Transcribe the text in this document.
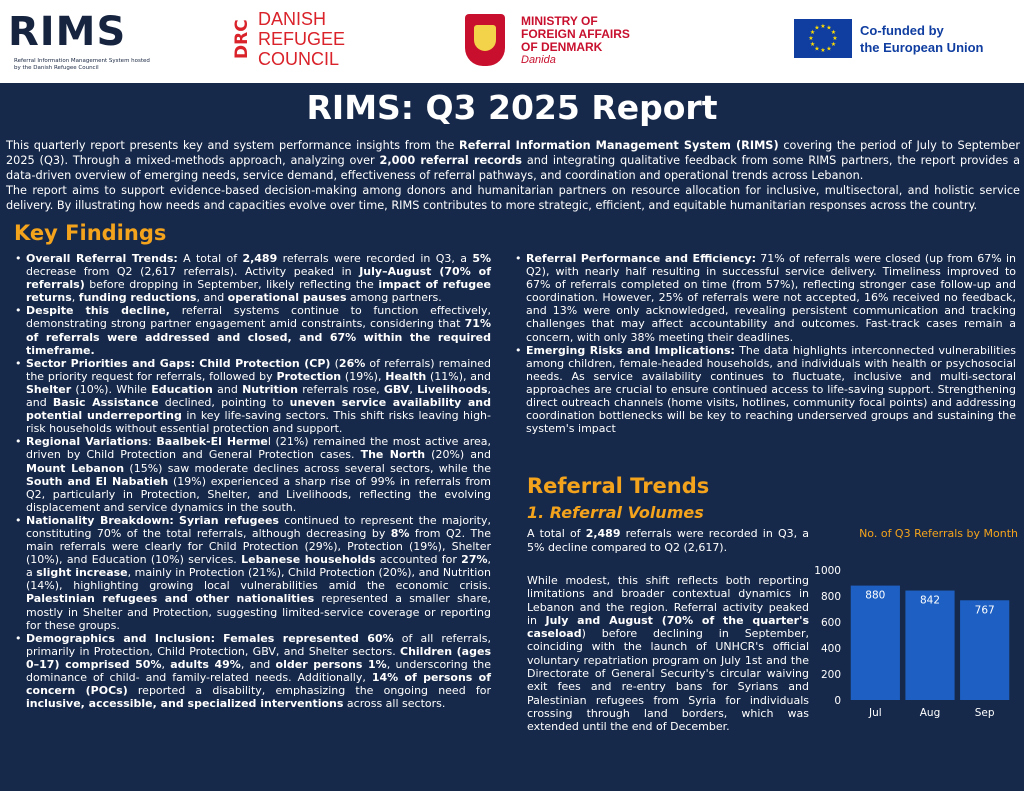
RIMS
Referral Information Management System hosted by the Danish Refugee Council
DRC
DANISH
REFUGEE
COUNCIL
MINISTRY OF
FOREIGN AFFAIRS
OF DENMARK
Danida
★ ★
★
★
★
★
★
★
★
★
★
★	Co-funded by
the European Union
RIMS: Q3 2025 Report
This quarterly report presents key and system performance insights from the Referral Information Management System (RIMS) covering the period of July to September 2025 (Q3). Through a mixed-methods approach, analyzing over 2,000 referral records and integrating qualitative feedback from some RIMS partners, the report provides a data-driven overview of emerging needs, service demand, effectiveness of referral pathways, and coordination and operational trends across Lebanon.
The report aims to support evidence-based decision-making among donors and humanitarian partners on resource allocation for inclusive, multisectoral, and holistic service delivery. By illustrating how needs and capacities evolve over time, RIMS contributes to more strategic, efficient, and equitable humanitarian responses across the country.
Key Findings
• Overall Referral Trends: A total of 2,489 referrals were recorded in Q3, a 5% decrease from Q2 (2,617 referrals). Activity peaked in July–August (70% of referrals) before dropping in September, likely reflecting the impact of refugee returns, funding reductions, and operational pauses among partners.
• Despite this decline, referral systems continue to function effectively, demonstrating strong partner engagement amid constraints, considering that 71% of referrals were addressed and closed, and 67% within the required timeframe.
• Sector Priorities and Gaps: Child Protection (CP) (26% of referrals) remained the priority request for referrals, followed by Protection (19%), Health (11%), and Shelter (10%). While Education and Nutrition referrals rose, GBV, Livelihoods, and Basic Assistance declined, pointing to uneven service availability and potential underreporting in key life-saving sectors. This shift risks leaving high-risk households without essential protection and support.
• Regional Variations: Baalbek-El Hermel (21%) remained the most active area, driven by Child Protection and General Protection cases. The North (20%) and Mount Lebanon (15%) saw moderate declines across several sectors, while the South and El Nabatieh (19%) experienced a sharp rise of 99% in referrals from Q2, particularly in Protection, Shelter, and Livelihoods, reflecting the evolving displacement and service dynamics in the south.
• Nationality Breakdown: Syrian refugees continued to represent the majority, constituting 70% of the total referrals, although decreasing by 8% from Q2. The main referrals were clearly for Child Protection (29%), Protection (19%), Shelter (10%), and Education (10%) services. Lebanese households accounted for 27%, a slight increase, mainly in Protection (21%), Child Protection (20%), and Nutrition (14%), highlighting growing local vulnerabilities amid the economic crisis. Palestinian refugees and other nationalities represented a smaller share, mostly in Shelter and Protection, suggesting limited-service coverage or reporting for these groups.
• Demographics and Inclusion: Females represented 60% of all referrals, primarily in Protection, Child Protection, GBV, and Shelter sectors. Children (ages 0–17) comprised 50%, adults 49%, and older persons 1%, underscoring the dominance of child- and family-related needs. Additionally, 14% of persons of concern (POCs) reported a disability, emphasizing the ongoing need for inclusive, accessible, and specialized interventions across all sectors.
• Referral Performance and Efficiency: 71% of referrals were closed (up from 67% in Q2), with nearly half resulting in successful service delivery. Timeliness improved to 67% of referrals completed on time (from 57%), reflecting stronger case follow-up and coordination. However, 25% of referrals were not accepted, 16% received no feedback, and 13% were only acknowledged, revealing persistent communication and tracking challenges that may affect accountability and outcomes. Fast-track cases remain a concern, with only 38% meeting their deadlines.
• Emerging Risks and Implications: The data highlights interconnected vulnerabilities among children, female-headed households, and individuals with health or psychosocial needs. As service availability continues to fluctuate, inclusive and multi-sectoral approaches are crucial to ensure continued access to life-saving support. Strengthening direct outreach channels (home visits, hotlines, community focal points) and addressing coordination bottlenecks will be key to reaching underserved groups and sustaining the system's impact
Referral Trends
1. Referral Volumes
A total of 2,489 referrals were recorded in Q3, a 5% decline compared to Q2 (2,617).
While modest, this shift reflects both reporting limitations and broader contextual dynamics in Lebanon and the region. Referral activity peaked in July and August (70% of the quarter's caseload) before declining in September, coinciding with the launch of UNHCR's official voluntary repatriation program on July 1st and the Directorate of General Security's circular waiving exit fees and re-entry bans for Syrians and Palestinian refugees from Syria for individuals crossing through land borders, which was extended until the end of December.
No. of Q3 Referrals by Month
0
200
400
600
800
1000
880
Jul
842
Aug
767
Sep
